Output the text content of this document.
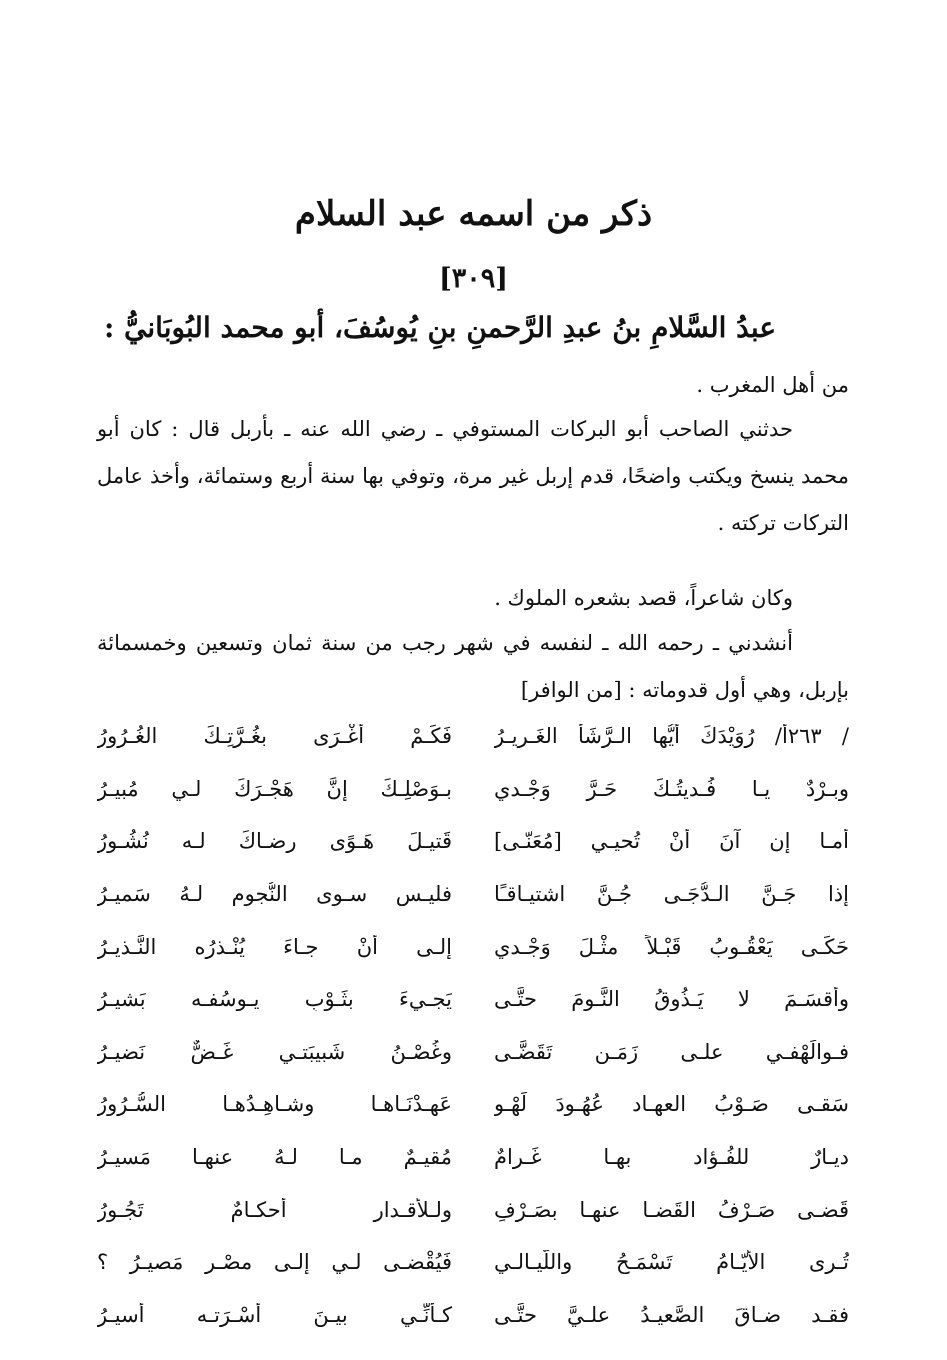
ذكر من اسمه عبد السلام
[٣٠٩]
عبدُ السَّلامِ بنُ عبدِ الرَّحمنِ بنِ يُوسُفَ، أبو محمد البُوبَانيُّ :
من أهل المغرب .
حدثني الصاحب أبو البركات المستوفي ـ رضي الله عنه ـ بأربل قال : كان أبو محمد ينسخ ويكتب واضحًا، قدم إربل غير مرة، وتوفي بها سنة أربع وستمائة، وأخذ عامل التركات تركته .
وكان شاعراً، قصد بشعره الملوك .
أنشدني ـ رحمه الله ـ لنفسه في شهر رجب من سنة ثمان وتسعين وخمسمائة بإربل، وهي أول قدوماته : [من الوافر]
/ ٢٦٣أ/ رُوَيْدَكَ أيُّها الـرَّشَأ الغَـريـرُ
فَكَـمْ أغْـرَى بغُـرَّتِـكَ الغُـرُورُ
وبـرْدٌ يـا فُـديتُـكَ حَـرَّ وَجْـدي
بـوَصْلِـكَ إنَّ هَجْـرَكَ لـي مُبيـرُ
أمـا إن آنَ أنْ تُحيـي [مُعَنّـى]
قَتيـلَ هَـوًى رضـاكَ لـه نُشُـورُ
إذا جَـنَّ الـدُّجَـى جُـنَّ اشتيـاقـًا
فليـس سـوى النُّجوم لـهُ سَميـرُ
حَكَـى يَعْقُـوبُ قَبْـلاً مثْـلَ وَجْـدي
إلـى أنْ جـاءَ يُنْـذرُه النَّـذيـرُ
وأقسَـمَ لا يَـذُوقُ النَّـومَ حتَّـى
يَجـيءَ بثَـوْبِ يـوسُفـه بَشيـرُ
فـوالَهْفـي علـى زَمَـنٍ تَقَضَّـى
وغُصْـنُ شَبيبَتـي غَـضٌّ نَضيـرُ
سَقـى صَـوْبُ العهـاد عُهُـودَ لَهْـوٍ
عَهِـدْنَـاهـا وشـاهِـدُهـا السُّـرُورُ
ديـارٌ للفُـؤاد بهـا غَـرامٌ
مُقيـمٌ مـا لـهُ عنهـا مَسيـرُ
قَضـى صَـرْفُ القَضـا عنهـا بصَـرْفٍ
ولـلأقـدار أحكـامٌ تَجُـورُ
تُـرى الأيّـامُ تَسْمَـحُ واللَّيـالـي
فَيُقْضـى لـي إلـى مصْـرٍ مَصيـرُ ؟
فقـد ضـاقَ الصَّعيـدُ علـيَّ حتَّـى
كـأنِّـي بيـنَ أسْـرَتـه أسيـرُ
